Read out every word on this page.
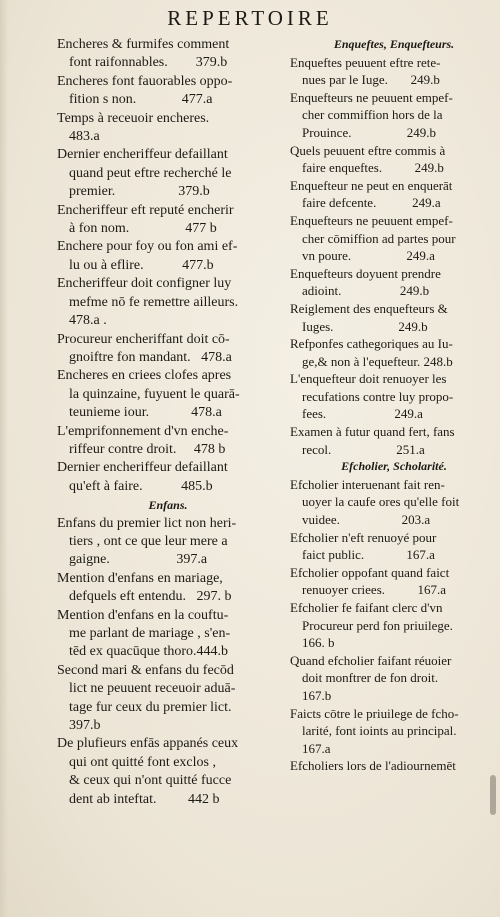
REPERTOIRE

Encheres & furmifes comment
font raifonnables.        379.b

Encheres font fauorables oppo-
fition s non.             477.a

Temps à receuoir encheres.
483.a

Dernier encheriffeur defaillant
quand peut eftre recherché le
premier.                  379.b

Encheriffeur eft reputé encherir
à fon nom.                477 b

Enchere pour foy ou fon ami ef-
lu ou à eflire.           477.b

Encheriffeur doit configner luy
mefme nō fe remettre ailleurs.
478.a .

Procureur encheriffant doit cō-
gnoiftre fon mandant.   478.a

Encheres en criees clofes apres
la quinzaine, fuyuent le quarā-
teunieme iour.            478.a

L'emprifonnement d'vn enche-
riffeur contre droit.     478 b

Dernier encheriffeur defaillant
qu'eft à faire.           485.b

Enfans.

Enfans du premier lict non heri-
tiers , ont ce que leur mere a
gaigne.                   397.a

Mention d'enfans en mariage,
defquels eft entendu.   297. b

Mention d'enfans en la couftu-
me parlant de mariage , s'en-
tēd ex quacūque thoro.444.b

Second mari & enfans du fecōd
lict ne peuuent receuoir aduā-
tage fur ceux du premier lict.
397.b

De plufieurs enfās appanés ceux
qui ont quitté font exclos ,
& ceux qui n'ont quitté fucce
dent ab inteftat.         442 b

Enqueftes, Enquefteurs.

Enqueftes peuuent eftre rete-
nues par le Iuge.       249.b

Enquefteurs ne peuuent empef-
cher commiffion hors de la
Prouince.                 249.b

Quels peuuent eftre commis à
faire enqueftes.          249.b

Enquefteur ne peut en enquerāt
faire defcente.           249.a

Enquefteurs ne peuuent empef-
cher cōmiffion ad partes pour
vn poure.                 249.a

Enquefteurs doyuent prendre
adioint.                  249.b

Reiglement des enquefteurs &
Iuges.                    249.b

Refponfes cathegoriques au Iu-
ge,& non à l'equefteur. 248.b

L'enquefteur doit renuoyer les
recufations contre luy propo-
fees.                     249.a

Examen à futur quand fert, fans
recol.                    251.a

Efcholier, Scholarité.

Efcholier interuenant fait ren-
uoyer la caufe ores qu'elle foit
vuidee.                   203.a

Efcholier n'eft renuoyé pour
faict public.             167.a

Efcholier oppofant quand faict
renuoyer criees.          167.a

Efcholier fe faifant clerc d'vn
Procureur perd fon priuilege.
166. b

Quand efcholier faifant réuoier
doit monftrer de fon droit.
167.b

Faicts cōtre le priuilege de fcho-
larité, font ioints au principal.
167.a

Efcholiers lors de l'adiournemēt
